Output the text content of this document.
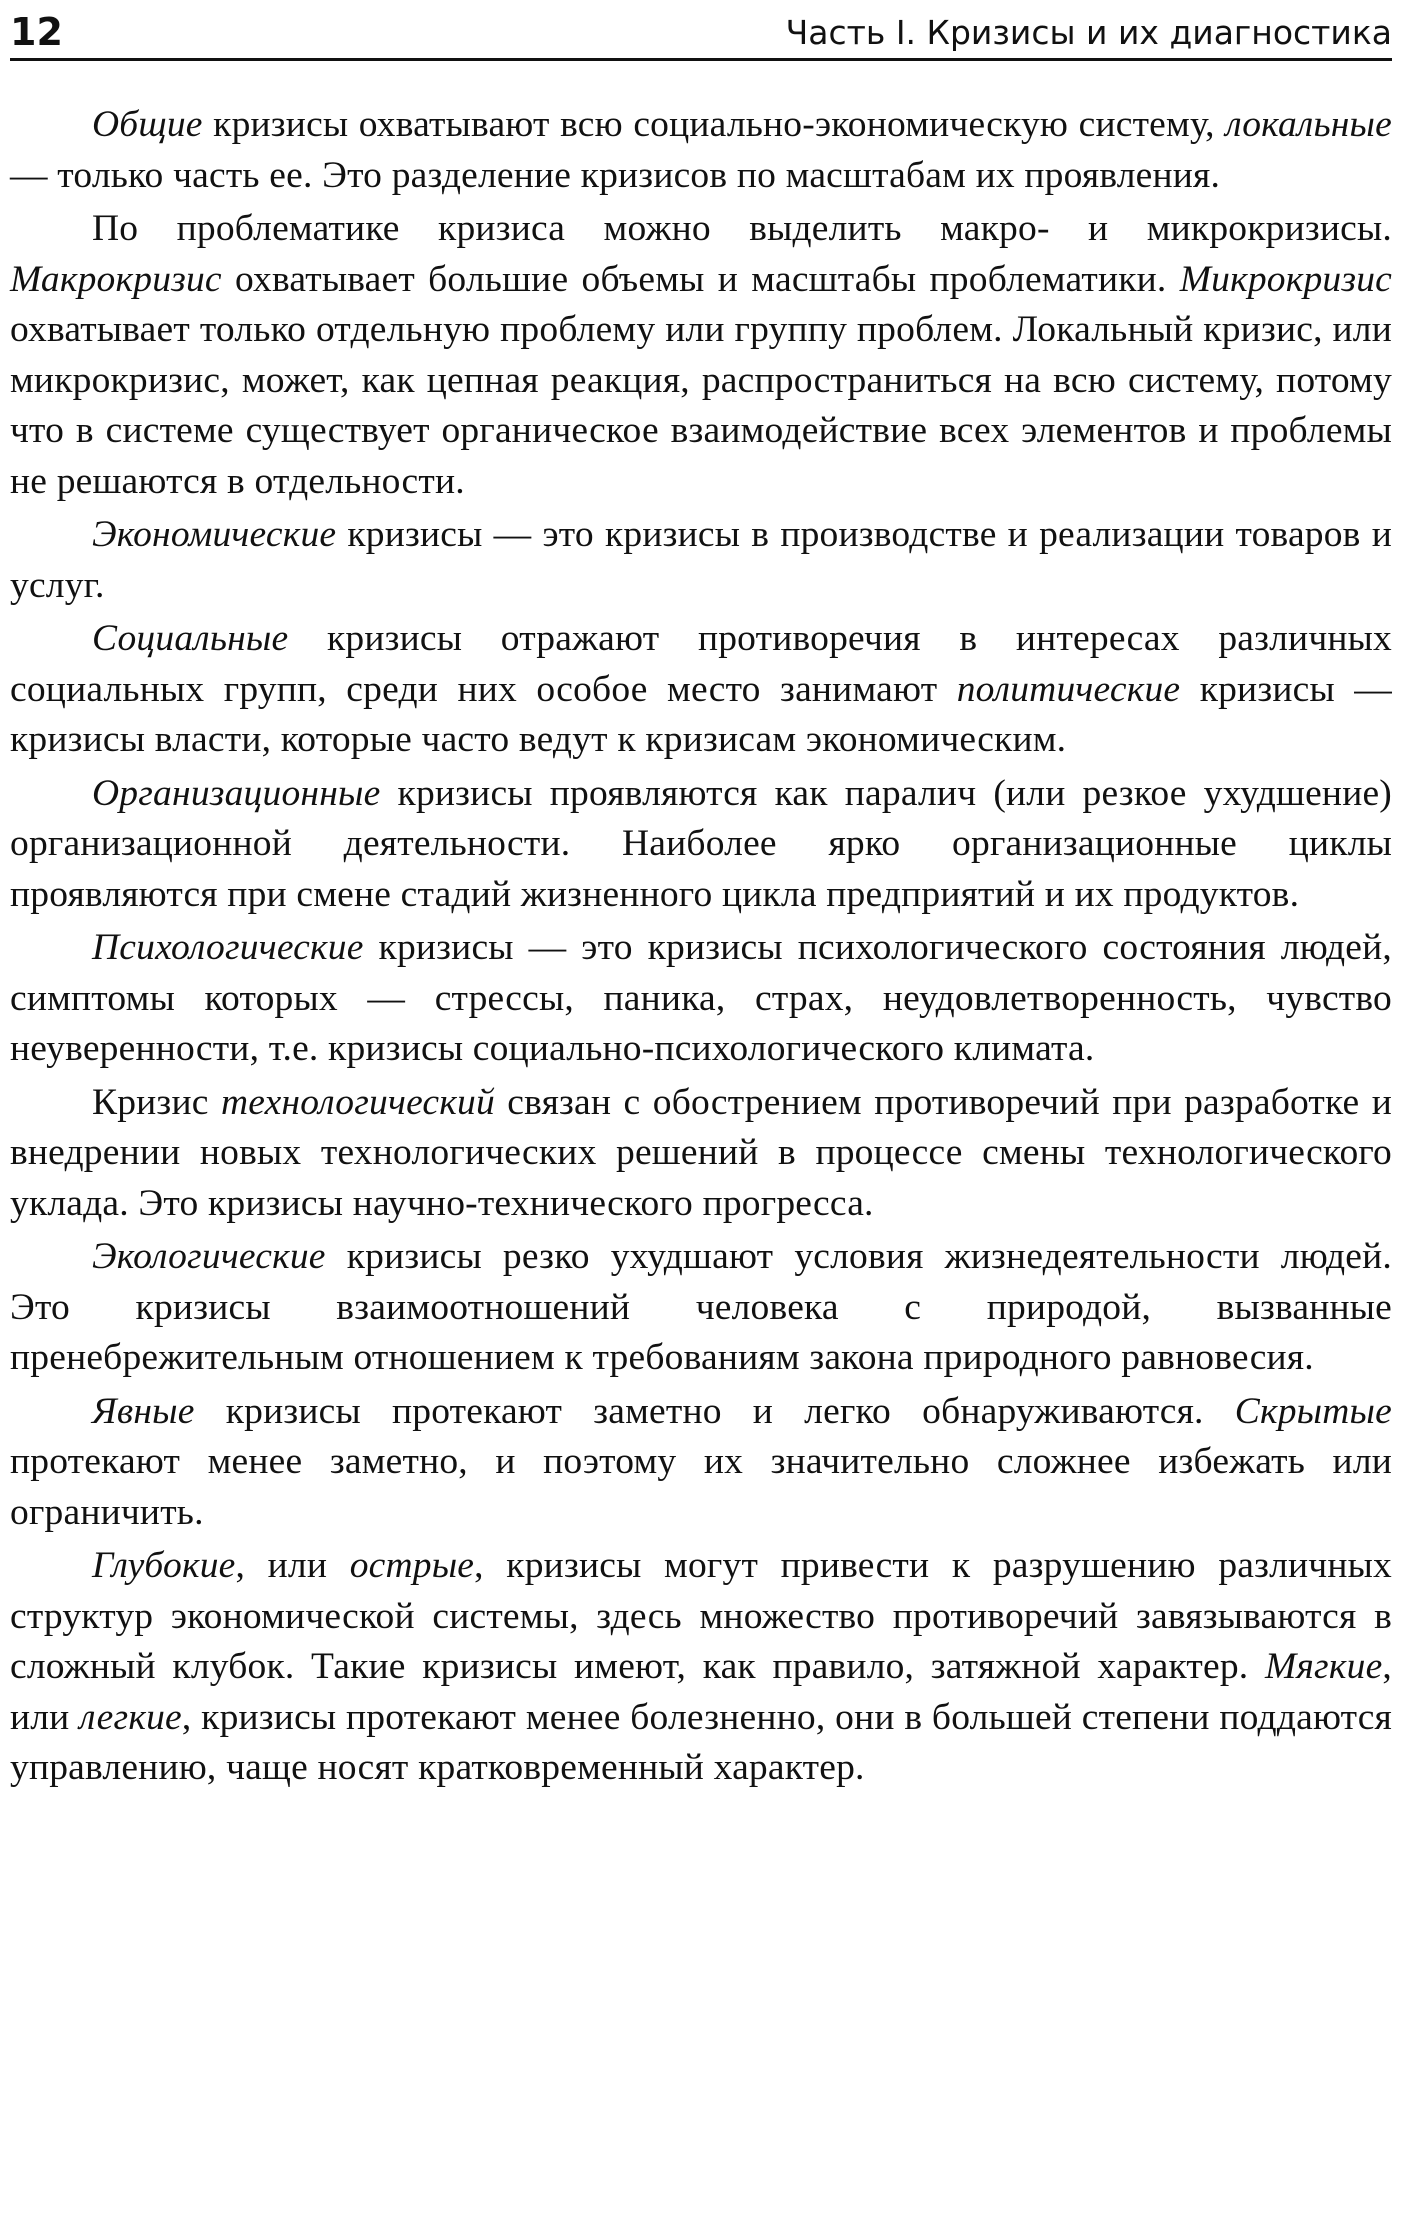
12	Часть I. Кризисы и их диагностика

Общие кризисы охватывают всю социально-экономическую систему, локальные — только часть ее. Это разделение кризисов по масштабам их проявления.

По проблематике кризиса можно выделить макро- и микрокризисы. Макрокризис охватывает большие объемы и масштабы проблематики. Микрокризис охватывает только отдельную проблему или группу проблем. Локальный кризис, или микрокризис, может, как цепная реакция, распространиться на всю систему, потому что в системе существует органическое взаимодействие всех элементов и проблемы не решаются в отдельности.

Экономические кризисы — это кризисы в производстве и реализации товаров и услуг.

Социальные кризисы отражают противоречия в интересах различных социальных групп, среди них особое место занимают политические кризисы — кризисы власти, которые часто ведут к кризисам экономическим.

Организационные кризисы проявляются как паралич (или резкое ухудшение) организационной деятельности. Наиболее ярко организационные циклы проявляются при смене стадий жизненного цикла предприятий и их продуктов.

Психологические кризисы — это кризисы психологического состояния людей, симптомы которых — стрессы, паника, страх, неудовлетворенность, чувство неуверенности, т.е. кризисы социально-психологического климата.

Кризис технологический связан с обострением противоречий при разработке и внедрении новых технологических решений в процессе смены технологического уклада. Это кризисы научно-технического прогресса.

Экологические кризисы резко ухудшают условия жизнедеятельности людей. Это кризисы взаимоотношений человека с природой, вызванные пренебрежительным отношением к требованиям закона природного равновесия.

Явные кризисы протекают заметно и легко обнаруживаются. Скрытые протекают менее заметно, и поэтому их значительно сложнее избежать или ограничить.

Глубокие, или острые, кризисы могут привести к разрушению различных структур экономической системы, здесь множество противоречий завязываются в сложный клубок. Такие кризисы имеют, как правило, затяжной характер. Мягкие, или легкие, кризисы протекают менее болезненно, они в большей степени поддаются управлению, чаще носят кратковременный характер.
